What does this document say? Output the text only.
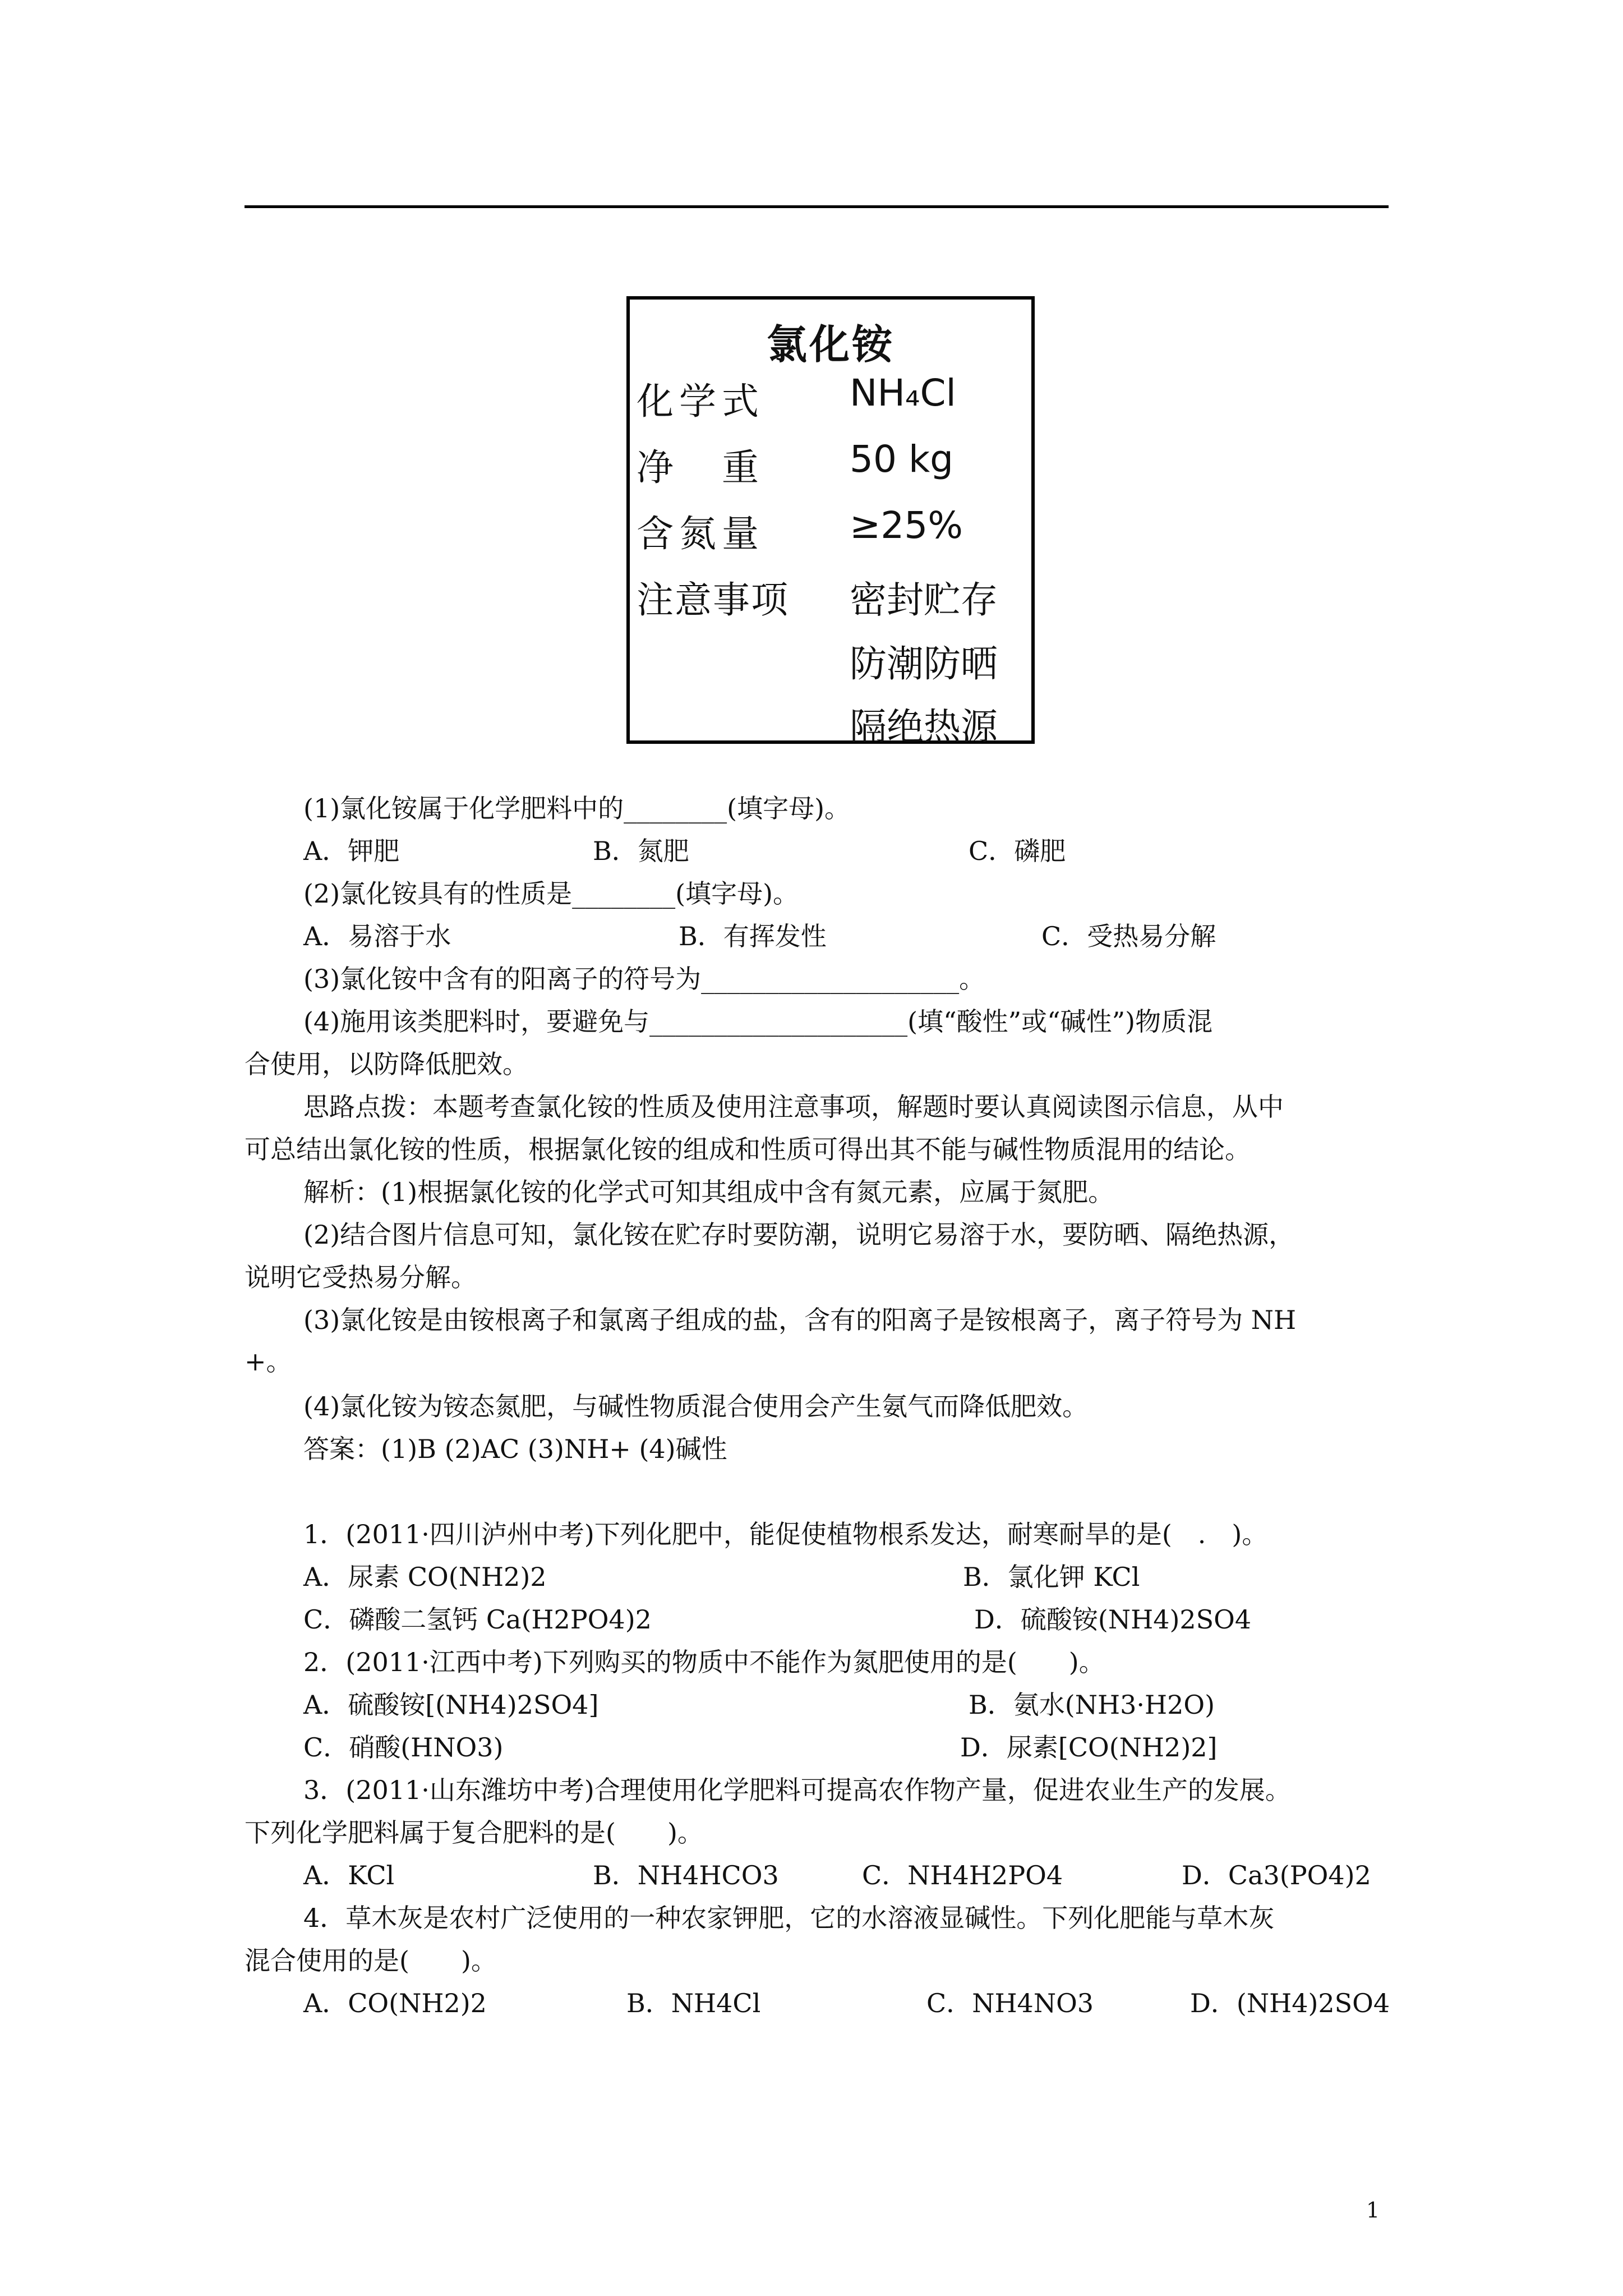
氯化铵
化学式 NH₄Cl
净　重 50 kg
含氮量 ≥25%
注意事项 密封贮存
防潮防晒
隔绝热源
(1)氯化铵属于化学肥料中的________(填字母)。
A．钾肥	B．氮肥	C．磷肥
(2)氯化铵具有的性质是________(填字母)。
A．易溶于水	B．有挥发性	C．受热易分解
(3)氯化铵中含有的阳离子的符号为____________________。
(4)施用该类肥料时，要避免与____________________(填“酸性”或“碱性”)物质混
合使用，以防降低肥效。
思路点拨：本题考查氯化铵的性质及使用注意事项，解题时要认真阅读图示信息，从中
可总结出氯化铵的性质，根据氯化铵的组成和性质可得出其不能与碱性物质混用的结论。
解析：(1)根据氯化铵的化学式可知其组成中含有氮元素，应属于氮肥。
(2)结合图片信息可知，氯化铵在贮存时要防潮，说明它易溶于水，要防晒、隔绝热源，
说明它受热易分解。
(3)氯化铵是由铵根离子和氯离子组成的盐，含有的阳离子是铵根离子，离子符号为 NH
+。
(4)氯化铵为铵态氮肥，与碱性物质混合使用会产生氨气而降低肥效。
答案：(1)B (2)AC (3)NH+ (4)碱性
1．(2011·四川泸州中考)下列化肥中，能促使植物根系发达，耐寒耐旱的是(　.　)。
A．尿素 CO(NH2)2	B．氯化钾 KCl
C．磷酸二氢钙 Ca(H2PO4)2	D．硫酸铵(NH4)2SO4
2．(2011·江西中考)下列购买的物质中不能作为氮肥使用的是(　　)。
A．硫酸铵[(NH4)2SO4]	B．氨水(NH3·H2O)
C．硝酸(HNO3)	D．尿素[CO(NH2)2]
3．(2011·山东潍坊中考)合理使用化学肥料可提高农作物产量，促进农业生产的发展。
下列化学肥料属于复合肥料的是(　　)。
A．KCl	B．NH4HCO3	C．NH4H2PO4	D．Ca3(PO4)2
4．草木灰是农村广泛使用的一种农家钾肥，它的水溶液显碱性。下列化肥能与草木灰
混合使用的是(　　)。
A．CO(NH2)2	B．NH4Cl	C．NH4NO3	D．(NH4)2SO4
1
